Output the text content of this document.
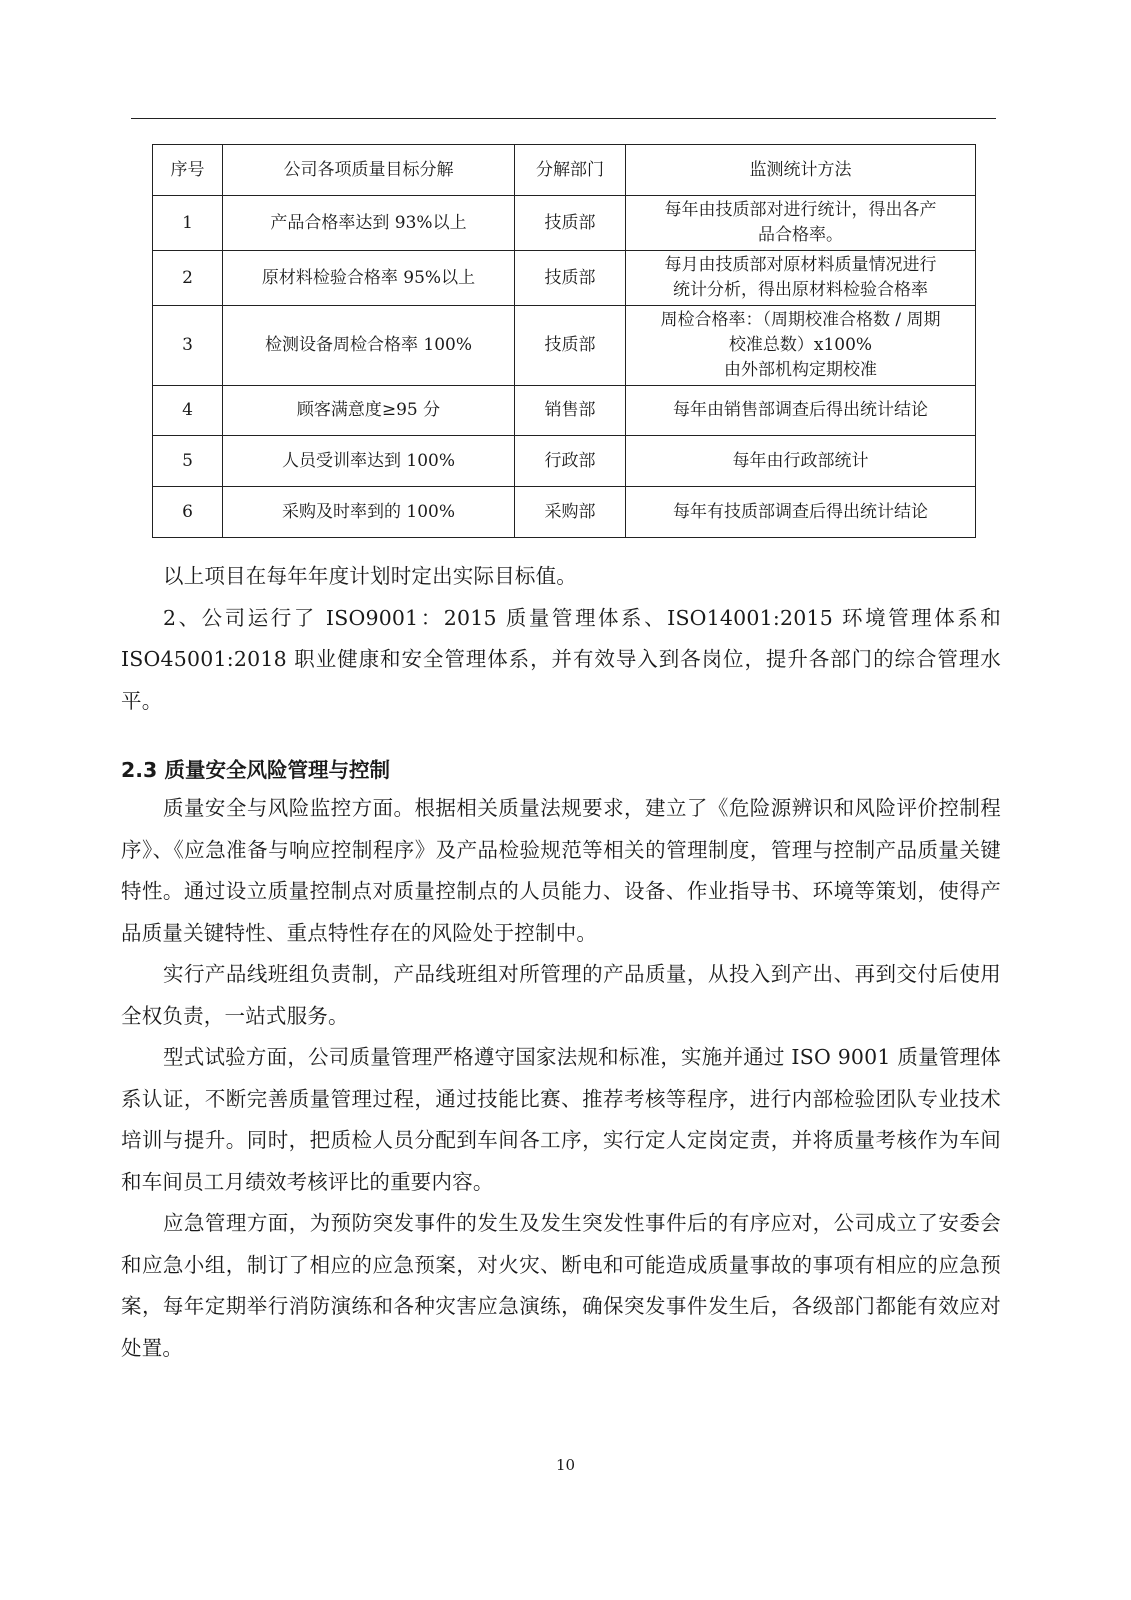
序号	公司各项质量目标分解	分解部门	监测统计方法
1	产品合格率达到 93%以上	技质部	每年由技质部对进行统计，得出各产
品合格率。
2	原材料检验合格率 95%以上	技质部	每月由技质部对原材料质量情况进行
统计分析，得出原材料检验合格率
3	检测设备周检合格率 100%	技质部	周检合格率：（周期校准合格数 / 周期
校准总数）x100%
由外部机构定期校准
4	顾客满意度≥95 分	销售部	每年由销售部调查后得出统计结论
5	人员受训率达到 100%	行政部	每年由行政部统计
6	采购及时率到的 100%	采购部	每年有技质部调查后得出统计结论

以上项目在每年年度计划时定出实际目标值。

2、公司运行了 ISO9001：2015 质量管理体系、ISO14001:2015 环境管理体系和ISO45001:2018 职业健康和安全管理体系，并有效导入到各岗位，提升各部门的综合管理水平。

2.3 质量安全风险管理与控制

质量安全与风险监控方面。根据相关质量法规要求，建立了《危险源辨识和风险评价控制程序》、《应急准备与响应控制程序》及产品检验规范等相关的管理制度，管理与控制产品质量关键特性。通过设立质量控制点对质量控制点的人员能力、设备、作业指导书、环境等策划，使得产品质量关键特性、重点特性存在的风险处于控制中。

实行产品线班组负责制，产品线班组对所管理的产品质量，从投入到产出、再到交付后使用全权负责，一站式服务。

型式试验方面，公司质量管理严格遵守国家法规和标准，实施并通过 ISO 9001 质量管理体系认证，不断完善质量管理过程，通过技能比赛、推荐考核等程序，进行内部检验团队专业技术培训与提升。同时，把质检人员分配到车间各工序，实行定人定岗定责，并将质量考核作为车间和车间员工月绩效考核评比的重要内容。

应急管理方面，为预防突发事件的发生及发生突发性事件后的有序应对，公司成立了安委会和应急小组，制订了相应的应急预案，对火灾、断电和可能造成质量事故的事项有相应的应急预案，每年定期举行消防演练和各种灾害应急演练，确保突发事件发生后，各级部门都能有效应对处置。

10
